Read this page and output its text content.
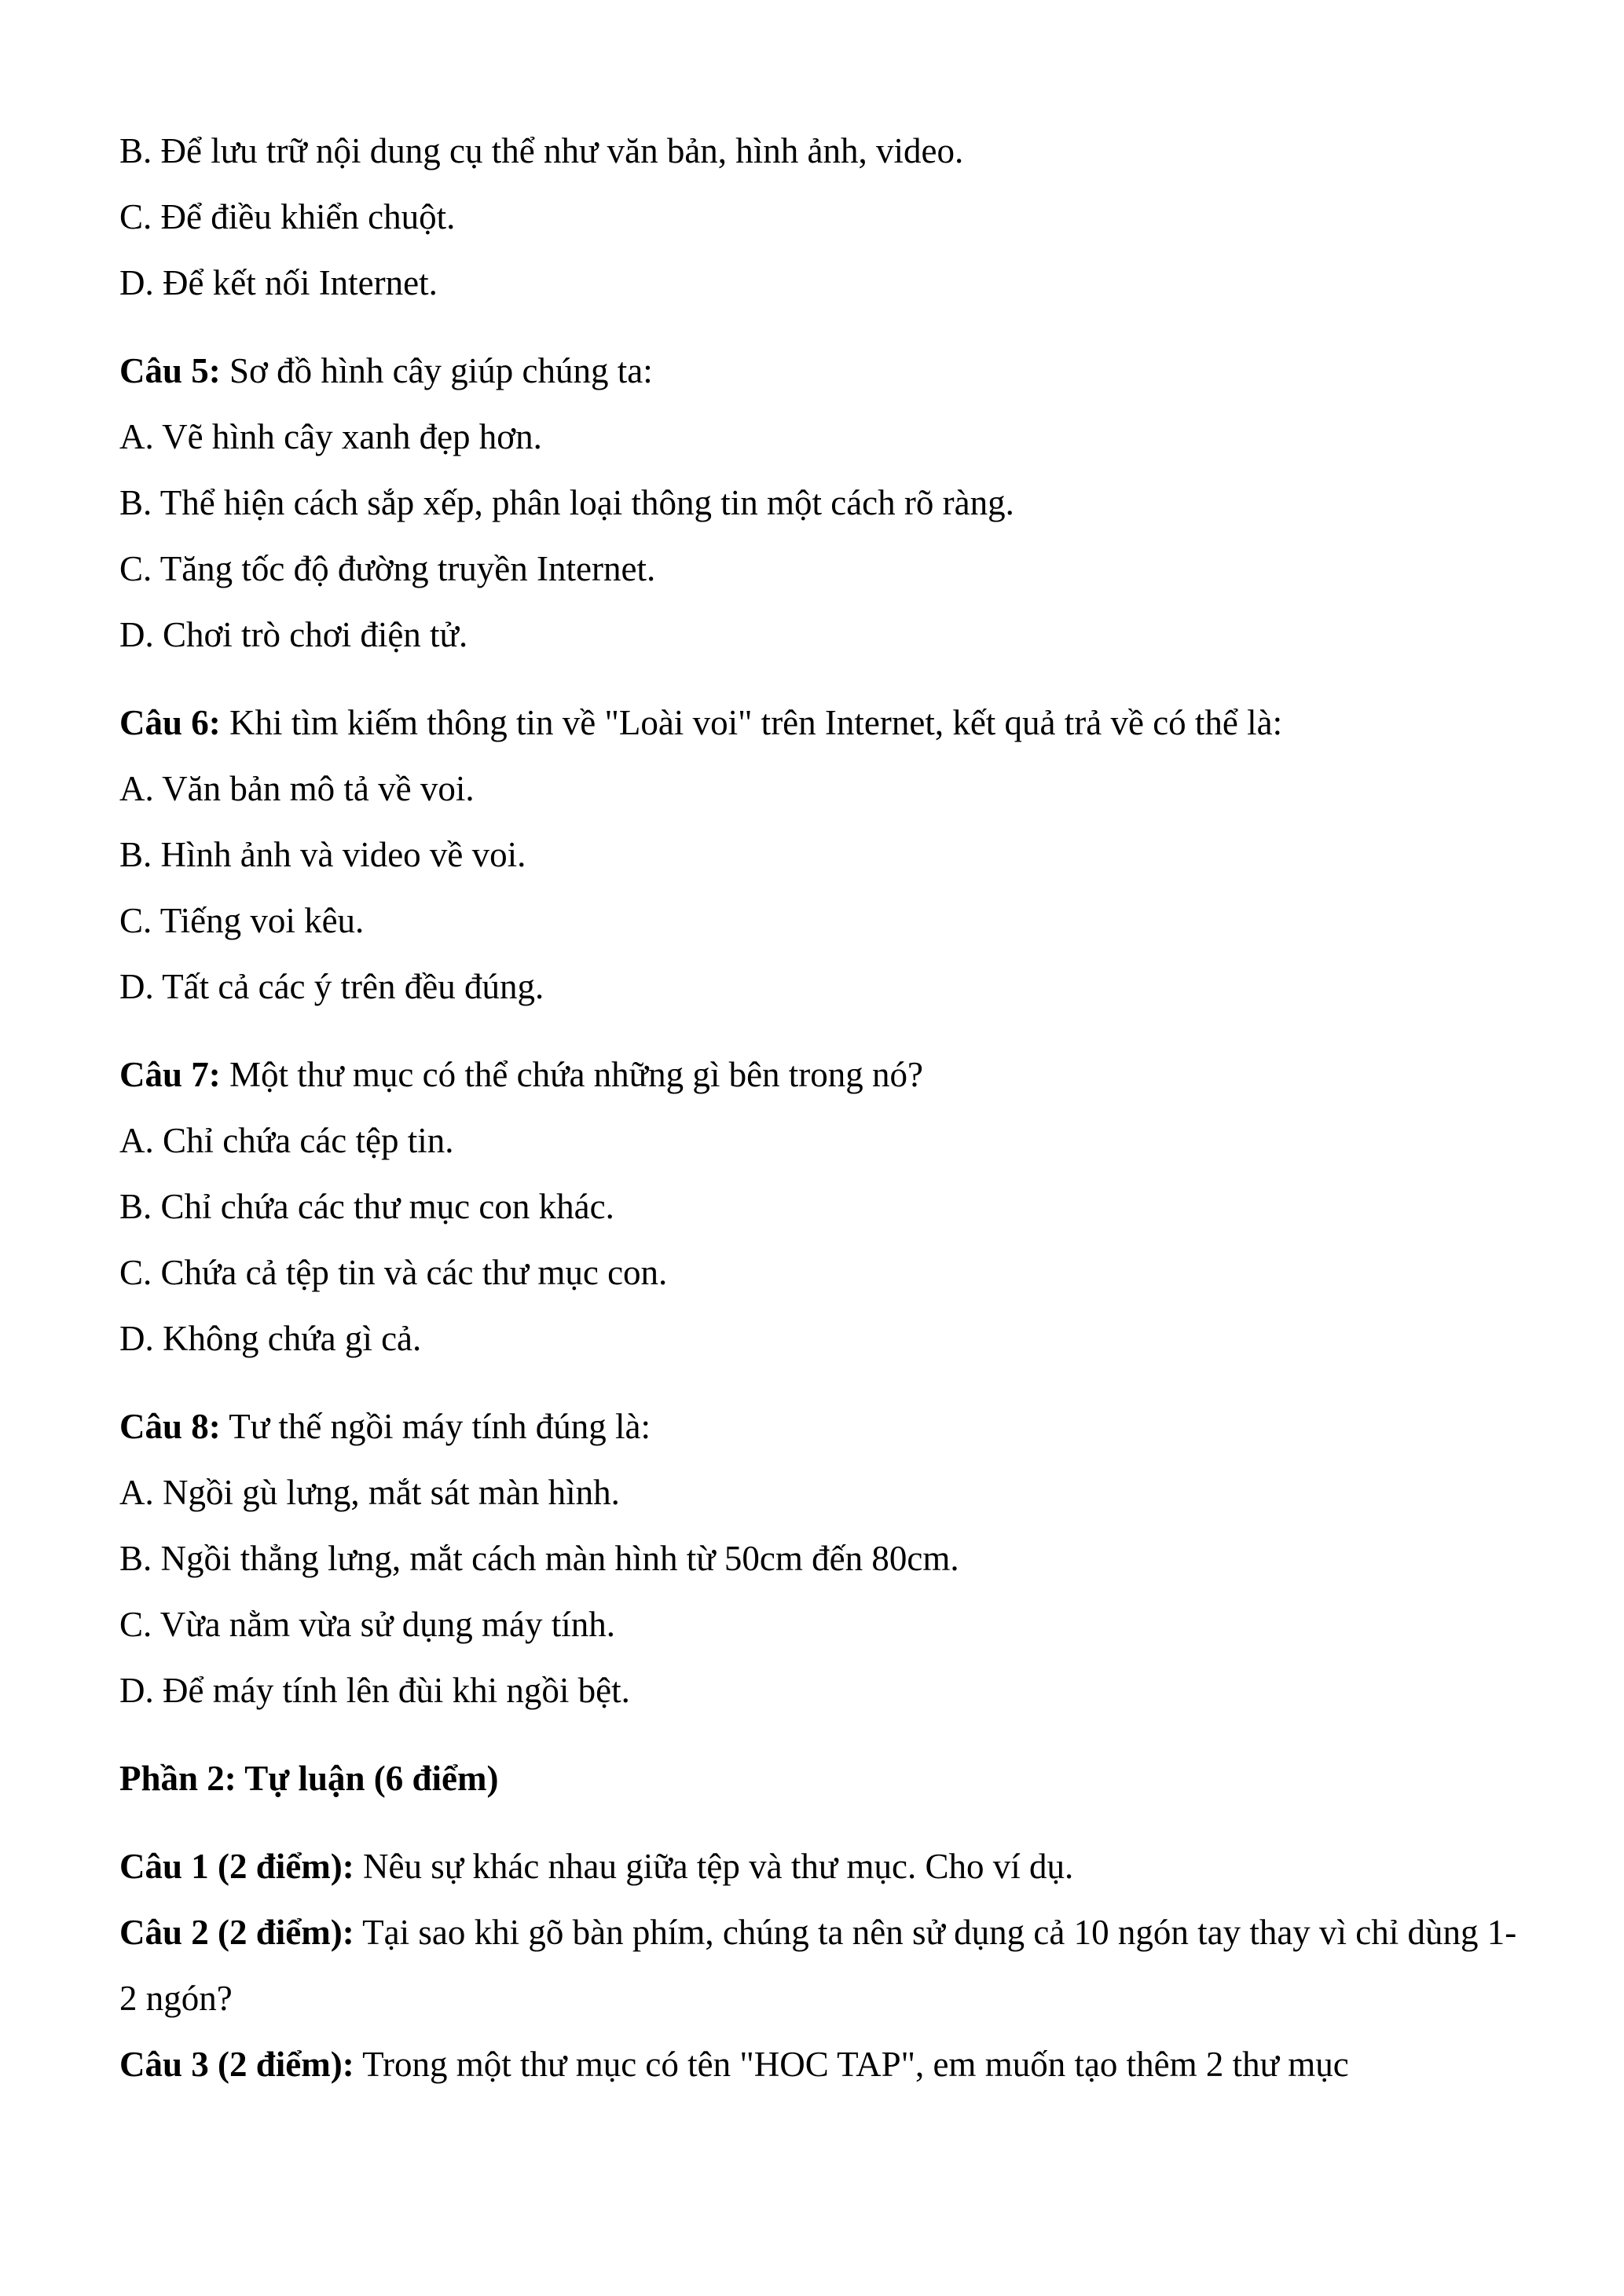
B. Để lưu trữ nội dung cụ thể như văn bản, hình ảnh, video.

C. Để điều khiển chuột.

D. Để kết nối Internet.

Câu 5: Sơ đồ hình cây giúp chúng ta:

A. Vẽ hình cây xanh đẹp hơn.

B. Thể hiện cách sắp xếp, phân loại thông tin một cách rõ ràng.

C. Tăng tốc độ đường truyền Internet.

D. Chơi trò chơi điện tử.

Câu 6: Khi tìm kiếm thông tin về "Loài voi" trên Internet, kết quả trả về có thể là:

A. Văn bản mô tả về voi.

B. Hình ảnh và video về voi.

C. Tiếng voi kêu.

D. Tất cả các ý trên đều đúng.

Câu 7: Một thư mục có thể chứa những gì bên trong nó?

A. Chỉ chứa các tệp tin.

B. Chỉ chứa các thư mục con khác.

C. Chứa cả tệp tin và các thư mục con.

D. Không chứa gì cả.

Câu 8: Tư thế ngồi máy tính đúng là:

A. Ngồi gù lưng, mắt sát màn hình.

B. Ngồi thẳng lưng, mắt cách màn hình từ 50cm đến 80cm.

C. Vừa nằm vừa sử dụng máy tính.

D. Để máy tính lên đùi khi ngồi bệt.

Phần 2: Tự luận (6 điểm)

Câu 1 (2 điểm): Nêu sự khác nhau giữa tệp và thư mục. Cho ví dụ.

Câu 2 (2 điểm): Tại sao khi gõ bàn phím, chúng ta nên sử dụng cả 10 ngón tay thay vì chỉ dùng 1-2 ngón?

Câu 3 (2 điểm): Trong một thư mục có tên "HOC TAP", em muốn tạo thêm 2 thư mục
